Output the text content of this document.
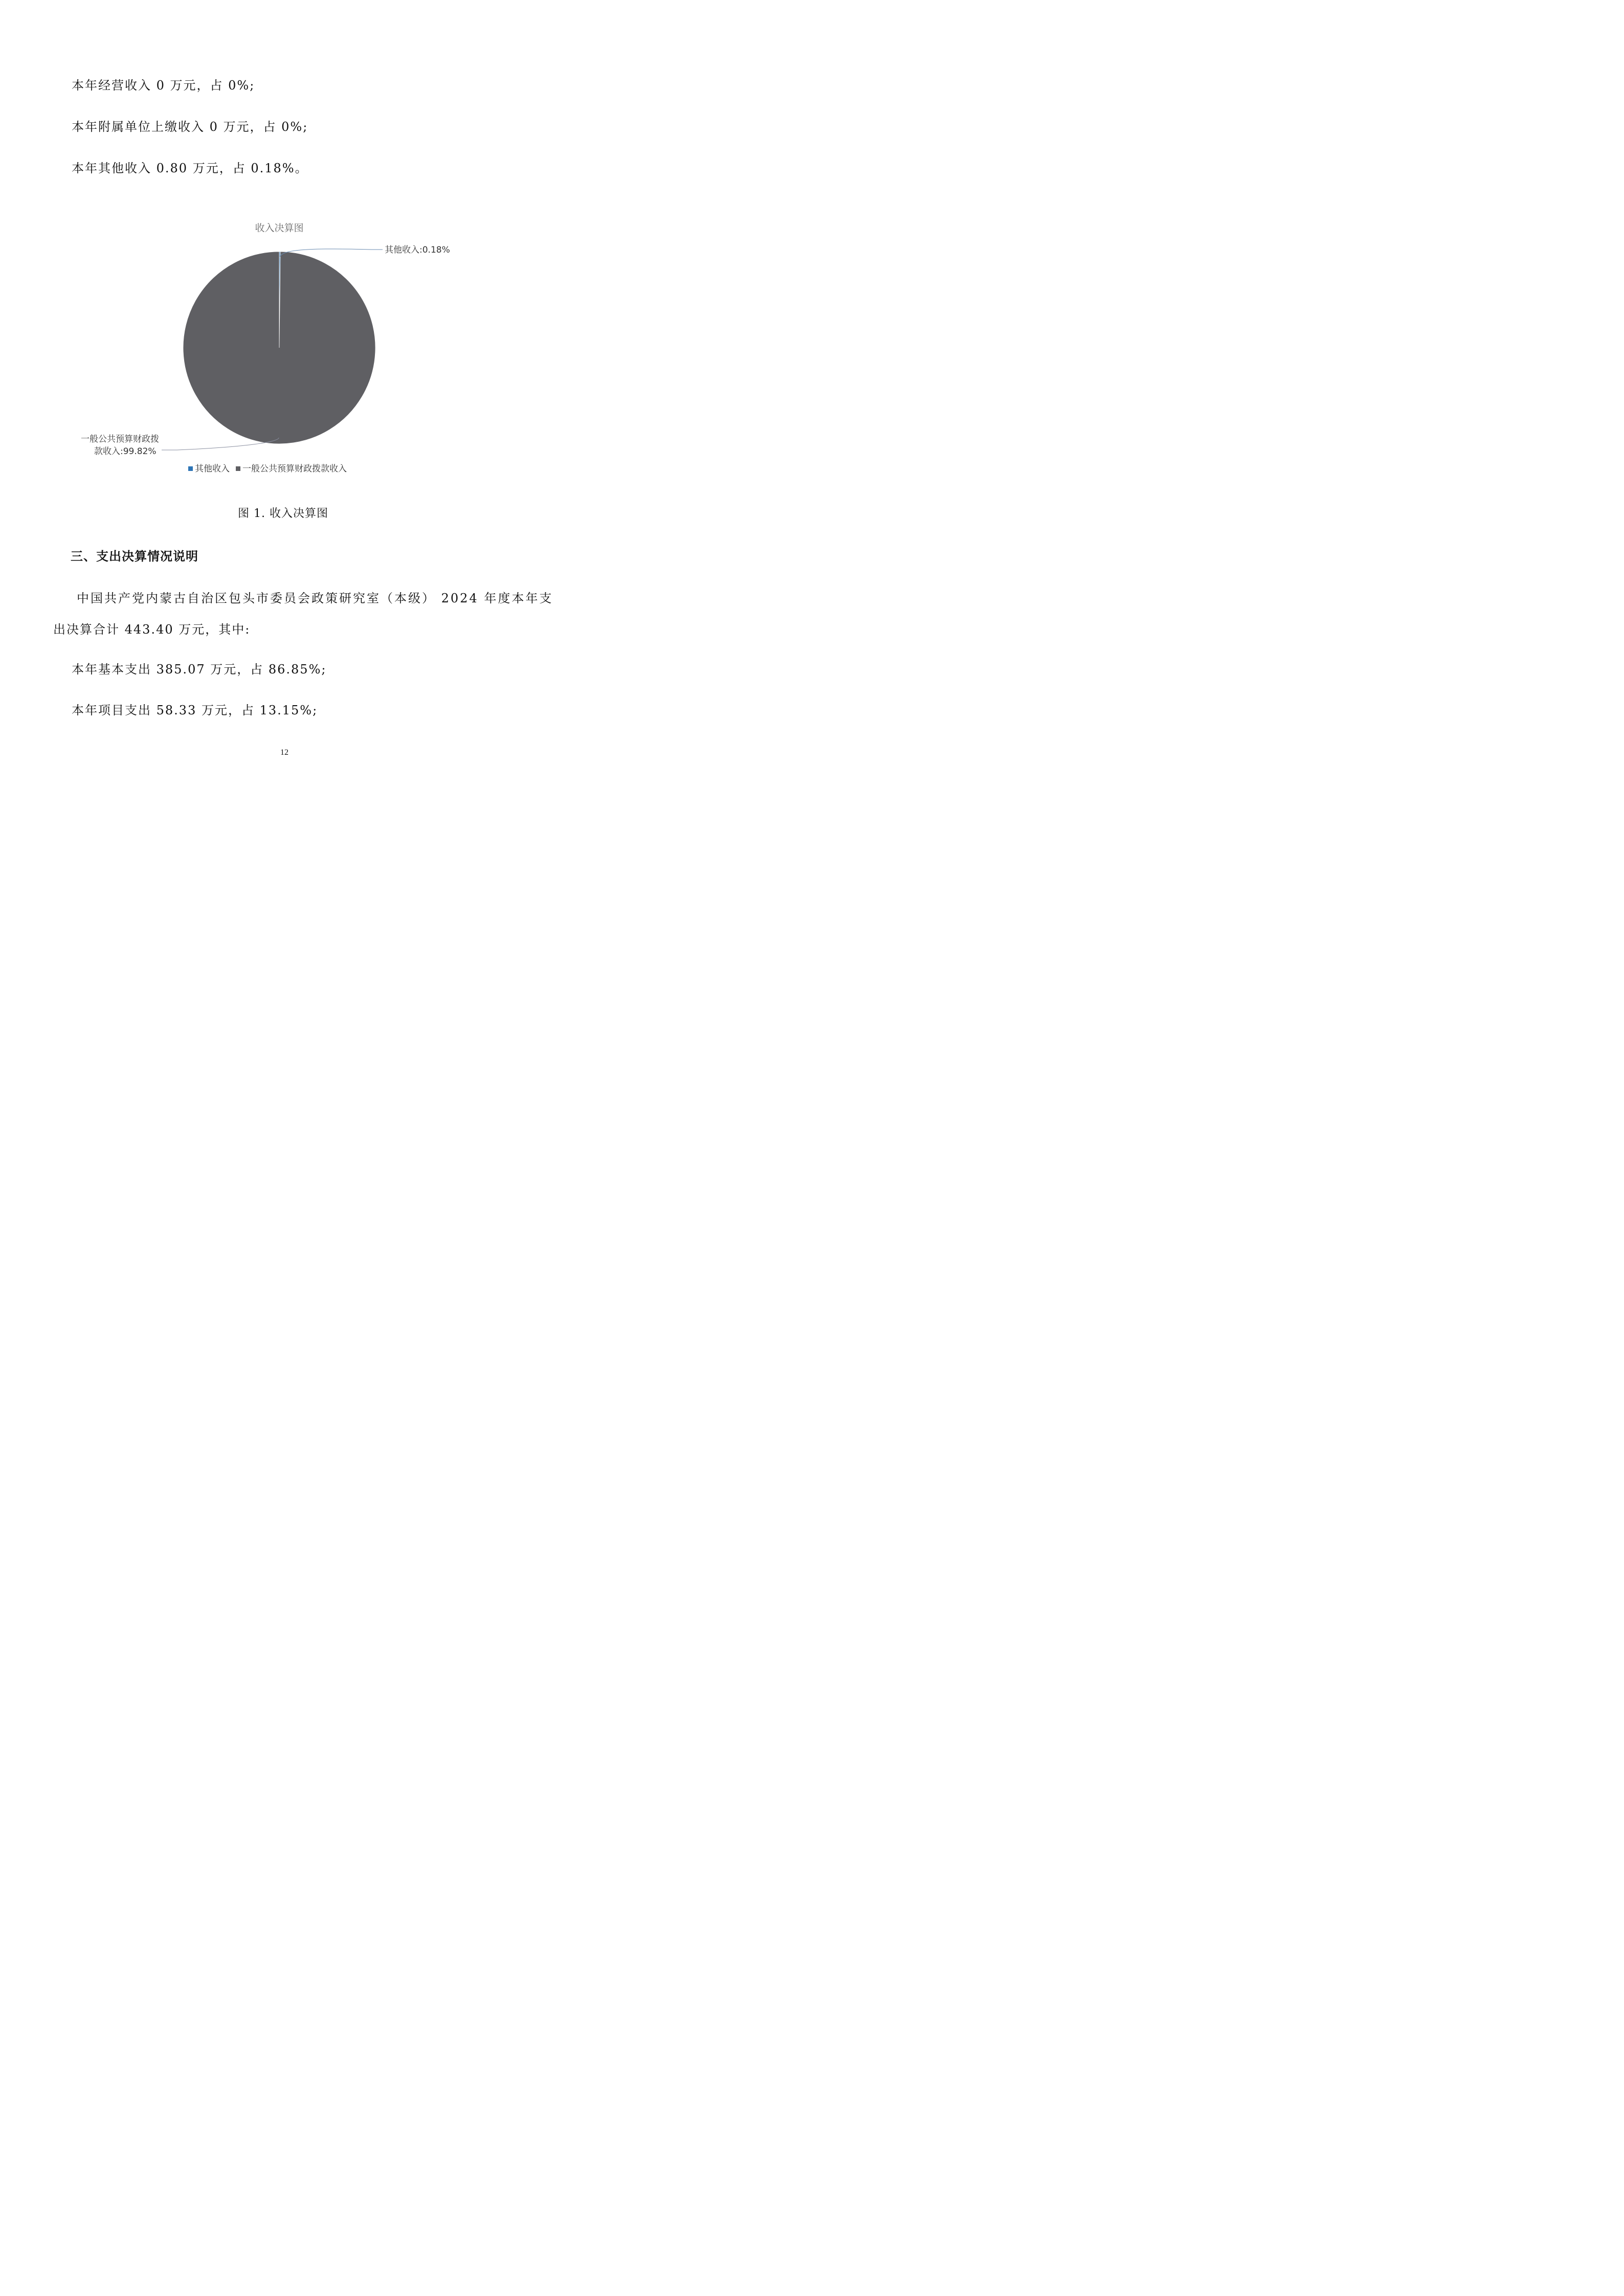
本年经营收入 0 万元，占 0%;
本年附属单位上缴收入 0 万元，占 0%;
本年其他收入 0.80 万元，占 0.18%。
收入决算图
其他收入:0.18%
一般公共预算财政拨
款收入:99.82%
其他收入 一般公共预算财政拨款收入
图 1. 收入决算图
三、支出决算情况说明
中国共产党内蒙古自治区包头市委员会政策研究室（本级） 2024 年度本年支
出决算合计 443.40 万元，其中:
本年基本支出 385.07 万元，占 86.85%;
本年项目支出 58.33 万元，占 13.15%;
12
